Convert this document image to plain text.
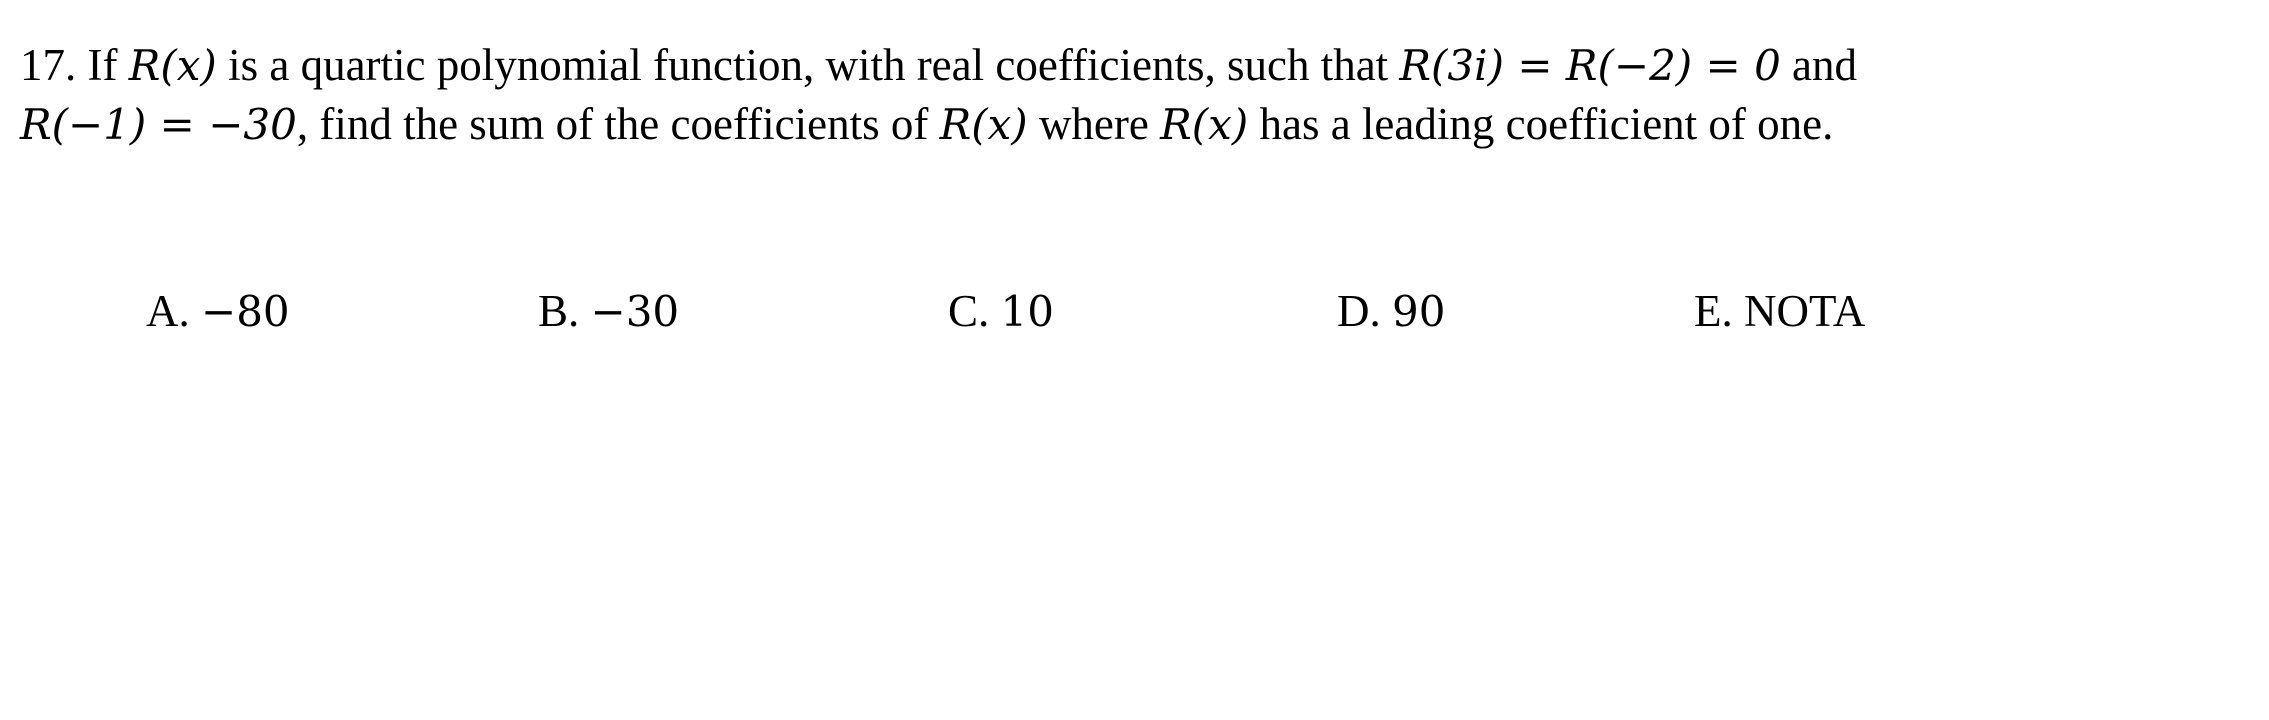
17. If R(x) is a quartic polynomial function, with real coefficients, such that R(3i) = R(−2) = 0 and
R(−1) = −30, find the sum of the coefficients of R(x) where R(x) has a leading coefficient of one.
A. −80	B. −30	C. 10	D. 90	E. NOTA
